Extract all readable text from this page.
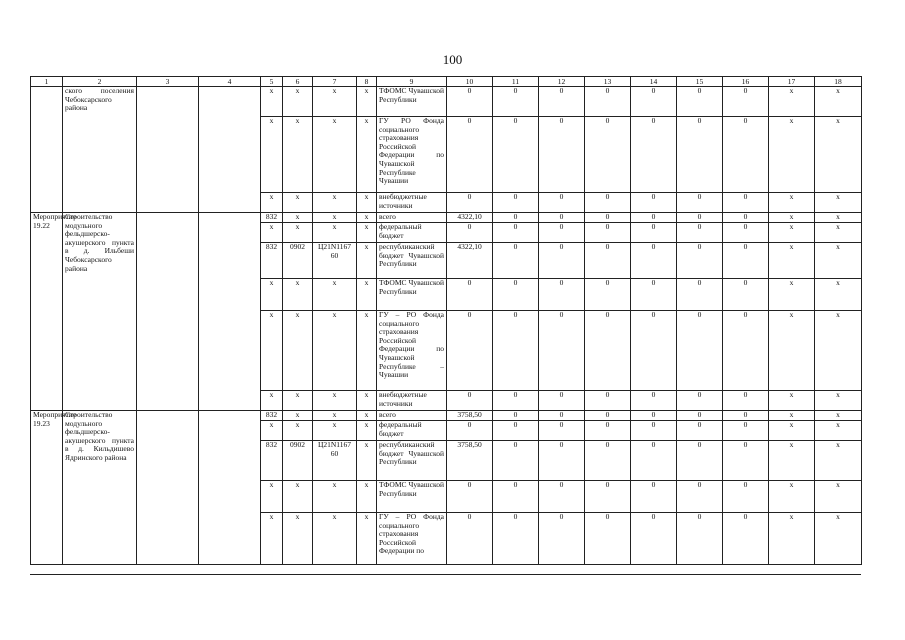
100
1	2	3	4	5	6	7	8	9	10	11	12	13	14	15	16	17	18
	ского поселения Чебоксарского района			х	х	х	х	ТФОМС Чувашской Республики	0	0	0	0	0	0	0	х	х
				х	х	х	х	ГУ РО Фонда социального страхования Российской Федерации по Чувашской Республике Чувашии	0	0	0	0	0	0	0	х	х
				х	х	х	х	внебюджетные источники	0	0	0	0	0	0	0	х	х
Мероприятие 19.22	Строительство модульного фельдшерско-акушерского пункта в д. Ильбеши Чебоксарского района			832	х	х	х	всего	4322,10	0	0	0	0	0	0	х	х
				х	х	х	х	федеральный бюджет	0	0	0	0	0	0	0	х	х
				832	0902	Ц21N1167 60	х	республиканский бюджет Чувашской Республики	4322,10	0	0	0	0	0	0	х	х
				х	х	х	х	ТФОМС Чувашской Республики	0	0	0	0	0	0	0	х	х
				х	х	х	х	ГУ – РО Фонда социального страхования Российской Федерации по Чувашской Республике – Чувашии	0	0	0	0	0	0	0	х	х
				х	х	х	х	внебюджетные источники	0	0	0	0	0	0	0	х	х
Мероприятие 19.23	Строительство модульного фельдшерско-акушерского пункта в д. Кильдишево Ядринского района			832	х	х	х	всего	3758,50	0	0	0	0	0	0	х	х
				х	х	х	х	федеральный бюджет	0	0	0	0	0	0	0	х	х
				832	0902	Ц21N1167 60	х	республиканский бюджет Чувашской Республики	3758,50	0	0	0	0	0	0	х	х
				х	х	х	х	ТФОМС Чувашской Республики	0	0	0	0	0	0	0	х	х
				х	х	х	х	ГУ – РО Фонда социального страхования Российской Федерации по	0	0	0	0	0	0	0	х	х
